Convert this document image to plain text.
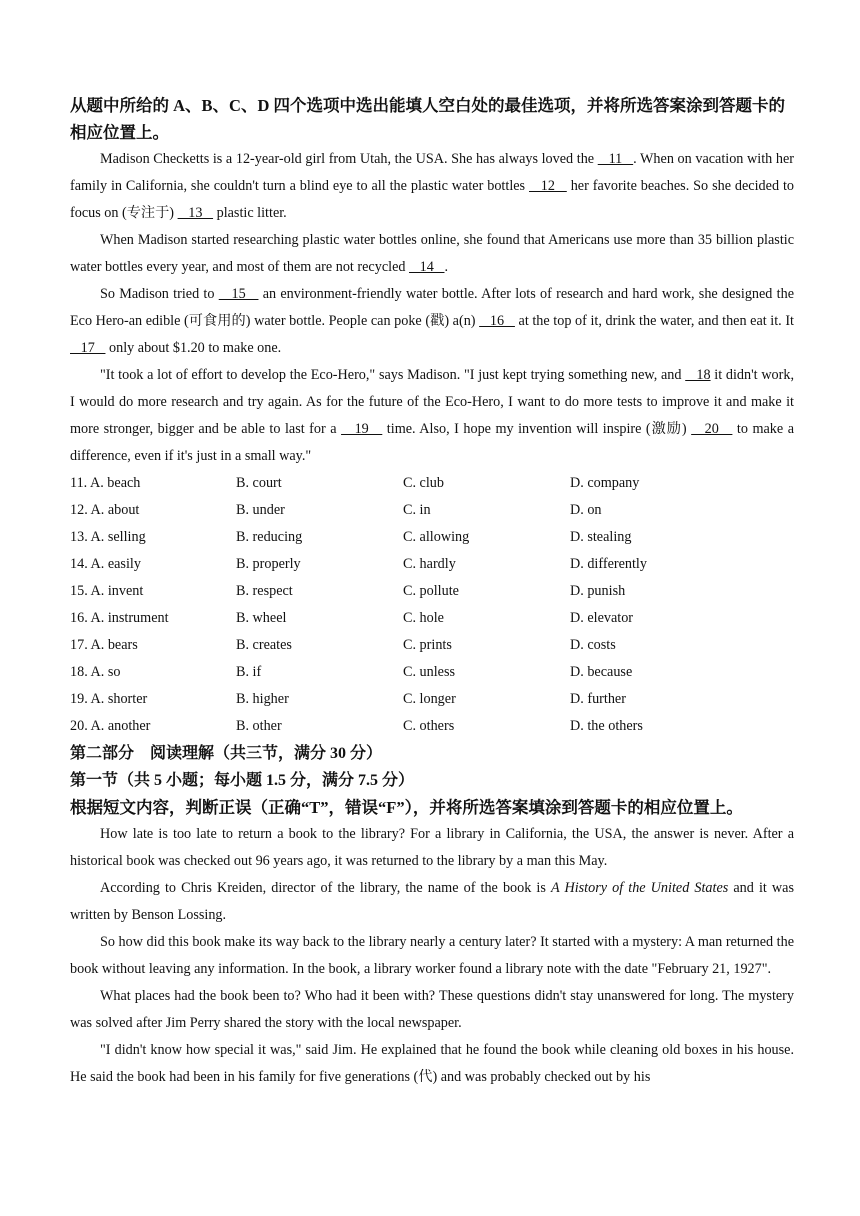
从题中所给的 A、B、C、D 四个选项中选出能填人空白处的最佳选项，并将所选答案涂到答题卡的相应位置上。

Madison Checketts is a 12-year-old girl from Utah, the USA. She has always loved the    11   . When on vacation with her family in California, she couldn't turn a blind eye to all the plastic water bottles    12    her favorite beaches. So she decided to focus on (专注于)    13    plastic litter.

When Madison started researching plastic water bottles online, she found that Americans use more than 35 billion plastic water bottles every year, and most of them are not recycled    14   .

So Madison tried to    15    an environment-friendly water bottle. After lots of research and hard work, she designed the Eco Hero-an edible (可食用的) water bottle. People can poke (戳) a(n)    16    at the top of it, drink the water, and then eat it. It    17    only about $1.20 to make one.

"It took a lot of effort to develop the Eco-Hero," says Madison. "I just kept trying something new, and    18 it didn't work, I would do more research and try again. As for the future of the Eco-Hero, I want to do more tests to improve it and make it more stronger, bigger and be able to last for a    19    time. Also, I hope my invention will inspire (激励)    20    to make a difference, even if it's just in a small way."

11. A. beach	B. court	C. club	D. company
12. A. about	B. under	C. in	D. on
13. A. selling	B. reducing	C. allowing	D. stealing
14. A. easily	B. properly	C. hardly	D. differently
15. A. invent	B. respect	C. pollute	D. punish
16. A. instrument	B. wheel	C. hole	D. elevator
17. A. bears	B. creates	C. prints	D. costs
18. A. so	B. if	C. unless	D. because
19. A. shorter	B. higher	C. longer	D. further
20. A. another	B. other	C. others	D. the others

第二部分　阅读理解（共三节，满分 30 分）

第一节（共 5 小题；每小题 1.5 分，满分 7.5 分）

根据短文内容，判断正误（正确“T”，错误“F”），并将所选答案填涂到答题卡的相应位置上。

How late is too late to return a book to the library? For a library in California, the USA, the answer is never. After a historical book was checked out 96 years ago, it was returned to the library by a man this May.

According to Chris Kreiden, director of the library, the name of the book is A History of the United States and it was written by Benson Lossing.

So how did this book make its way back to the library nearly a century later? It started with a mystery: A man returned the book without leaving any information. In the book, a library worker found a library note with the date "February 21, 1927".

What places had the book been to? Who had it been with? These questions didn't stay unanswered for long. The mystery was solved after Jim Perry shared the story with the local newspaper.

"I didn't know how special it was," said Jim. He explained that he found the book while cleaning old boxes in his house. He said the book had been in his family for five generations (代) and was probably checked out by his
